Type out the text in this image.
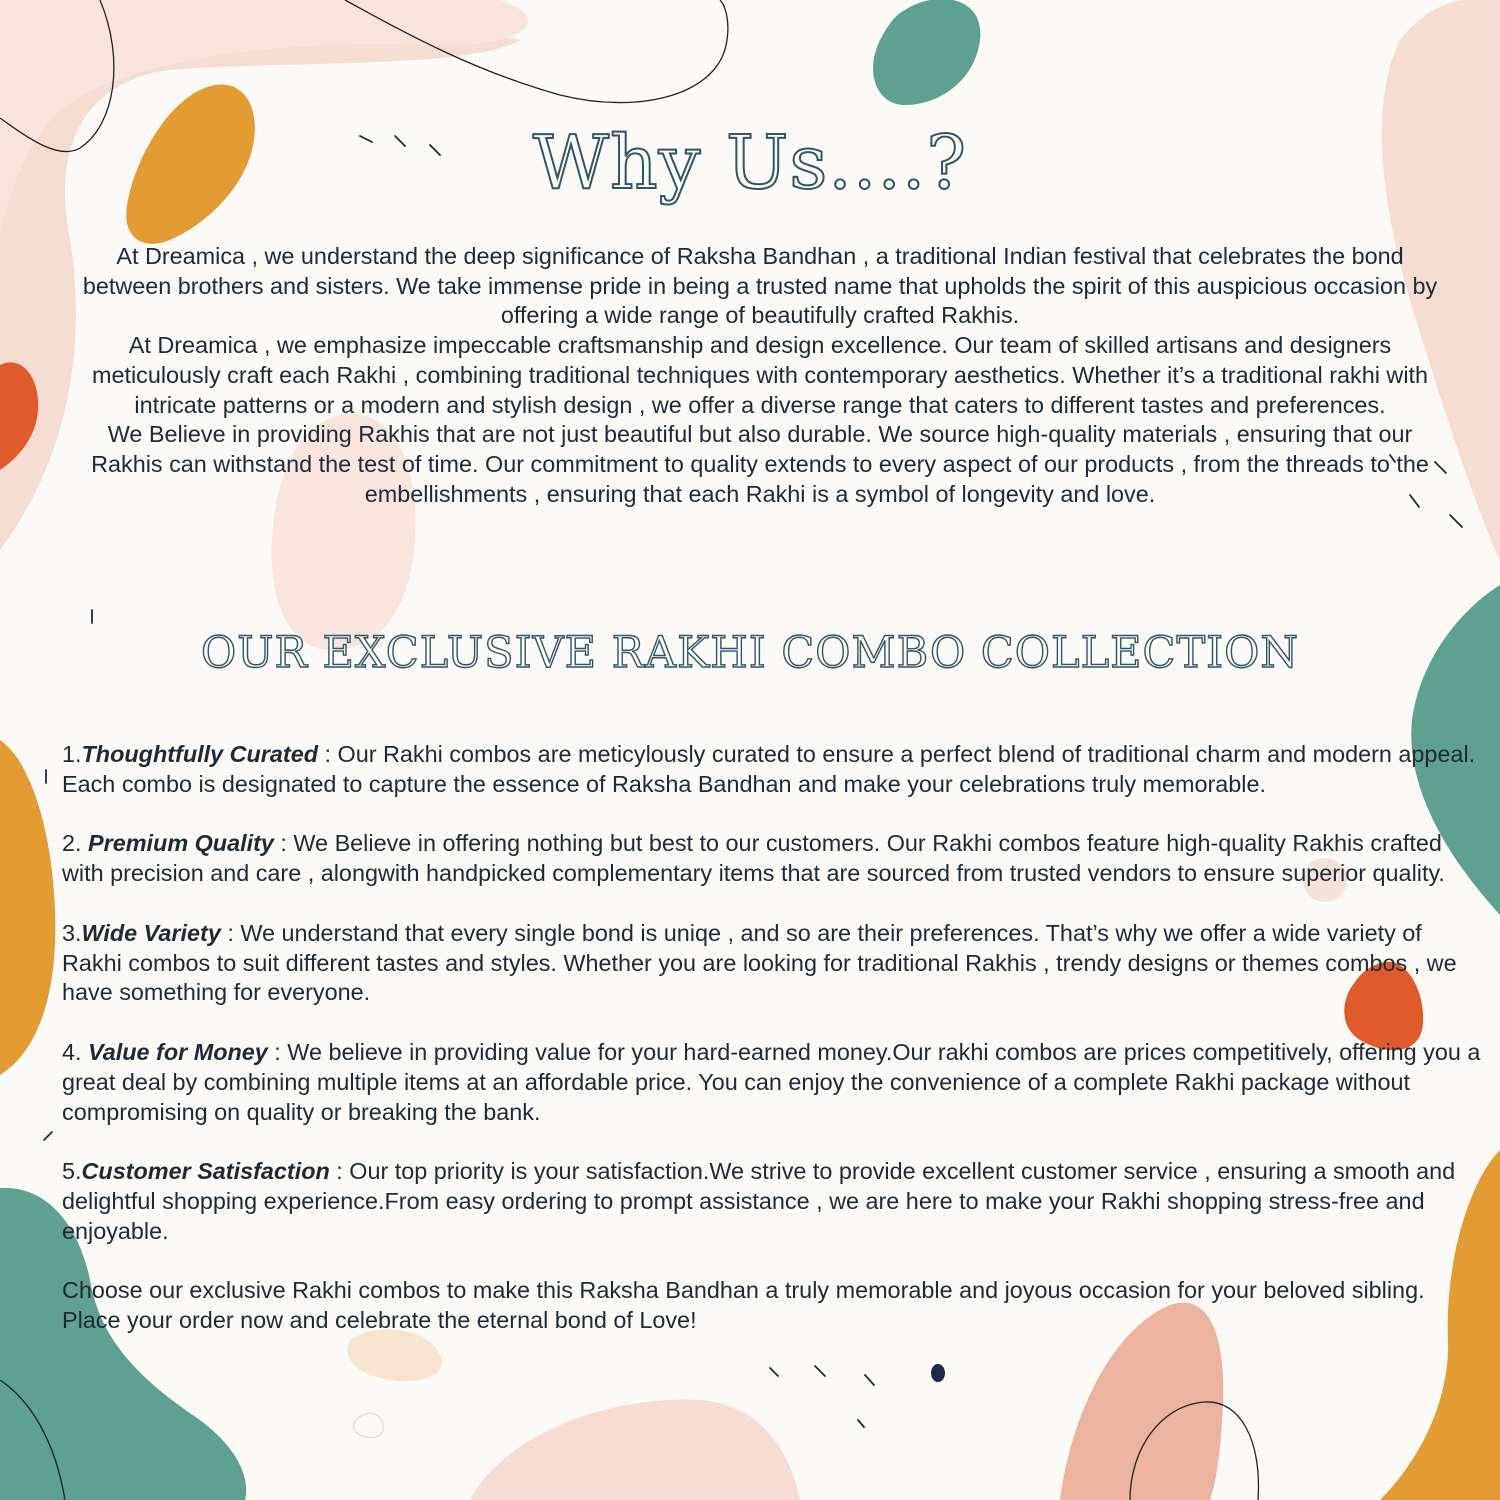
Why Us....?

At Dreamica , we understand the deep significance of Raksha Bandhan , a traditional Indian festival that celebrates the bond between brothers and sisters. We take immense pride in being a trusted name that upholds the spirit of this auspicious occasion by offering a wide range of beautifully crafted Rakhis.

At Dreamica , we emphasize impeccable craftsmanship and design excellence. Our team of skilled artisans and designers meticulously craft each Rakhi , combining traditional techniques with contemporary aesthetics. Whether it’s a traditional rakhi with intricate patterns or a modern and stylish design , we offer a diverse range that caters to different tastes and preferences.

We Believe in providing Rakhis that are not just beautiful but also durable. We source high-quality materials , ensuring that our Rakhis can withstand the test of time. Our commitment to quality extends to every aspect of our products , from the threads to the embellishments , ensuring that each Rakhi is a symbol of longevity and love.

OUR EXCLUSIVE RAKHI COMBO COLLECTION

1.Thoughtfully Curated : Our Rakhi combos are meticylously curated to ensure a perfect blend of traditional charm and modern appeal. Each combo is designated to capture the essence of Raksha Bandhan and make your celebrations truly memorable.

2. Premium Quality : We Believe in offering nothing but best to our customers. Our Rakhi combos feature high-quality Rakhis crafted with precision and care , alongwith handpicked complementary items that are sourced from trusted vendors to ensure superior quality.

3.Wide Variety : We understand that every single bond is uniqe , and so are their preferences. That’s why we offer a wide variety of Rakhi combos to suit different tastes and styles. Whether you are looking for traditional Rakhis , trendy designs or themes combos , we have something for everyone.

4. Value for Money : We believe in providing value for your hard-earned money.Our rakhi combos are prices competitively, offering you a great deal by combining multiple items at an affordable price. You can enjoy the convenience of a complete Rakhi package without compromising on quality or breaking the bank.

5.Customer Satisfaction : Our top priority is your satisfaction.We strive to provide excellent customer service , ensuring a smooth and delightful shopping experience.From easy ordering to prompt assistance , we are here to make your Rakhi shopping stress-free and enjoyable.

Choose our exclusive Rakhi combos to make this Raksha Bandhan a truly memorable and joyous occasion for your beloved sibling. Place your order now and celebrate the eternal bond of Love!
